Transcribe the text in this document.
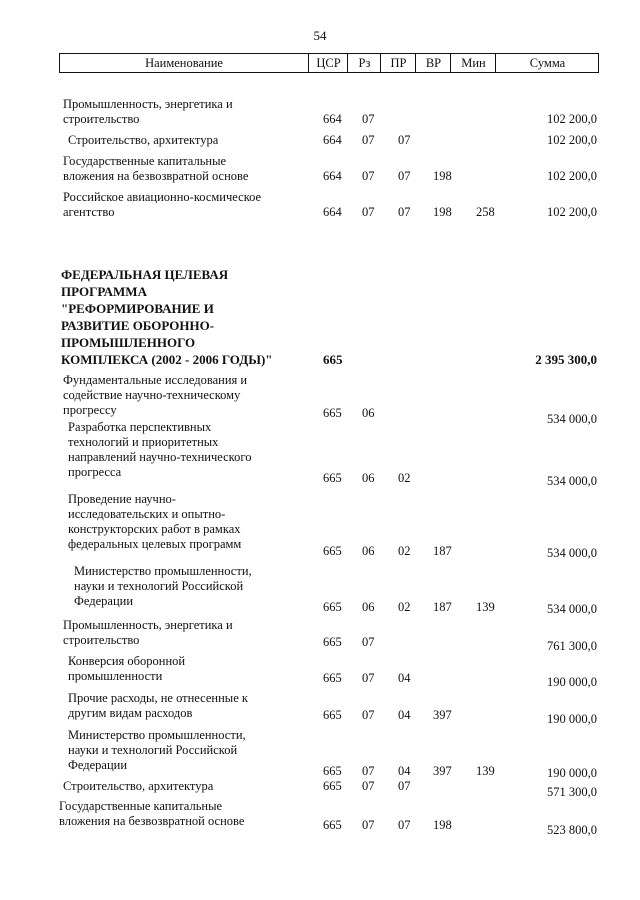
54
Наименование	ЦСР	Рз	ПР	ВР	Мин	Сумма
Промышленность, энергетика и
строительство	664 07	102 200,0
Строительство, архитектура	664 07 07	102 200,0
Государственные капитальные
вложения на безвозвратной основе	664 07 07 198	102 200,0
Российское авиационно-космическое
агентство	664 07 07 198 258	102 200,0
ФЕДЕРАЛЬНАЯ ЦЕЛЕВАЯ
ПРОГРАММА
"РЕФОРМИРОВАНИЕ И
РАЗВИТИЕ ОБОРОННО-
ПРОМЫШЛЕННОГО
КОМПЛЕКСА (2002 - 2006 ГОДЫ)"	665	2 395 300,0
Фундаментальные исследования и
содействие научно-техническому
прогрессу	665 06	534 000,0
Разработка перспективных
технологий и приоритетных
направлений научно-технического
прогресса	665 06 02	534 000,0
Проведение научно-
исследовательских и опытно-
конструкторских работ в рамках
федеральных целевых программ	665 06 02 187	534 000,0
Министерство промышленности,
науки и технологий Российской
Федерации	665 06 02 187 139	534 000,0
Промышленность, энергетика и
строительство	665 07	761 300,0
Конверсия оборонной
промышленности	665 07 04	190 000,0
Прочие расходы, не отнесенные к
другим видам расходов	665 07 04 397	190 000,0
Министерство промышленности,
науки и технологий Российской
Федерации	665 07 04 397 139	190 000,0
Строительство, архитектура	665 07 07	571 300,0
Государственные капитальные
вложения на безвозвратной основе	665 07 07 198	523 800,0
